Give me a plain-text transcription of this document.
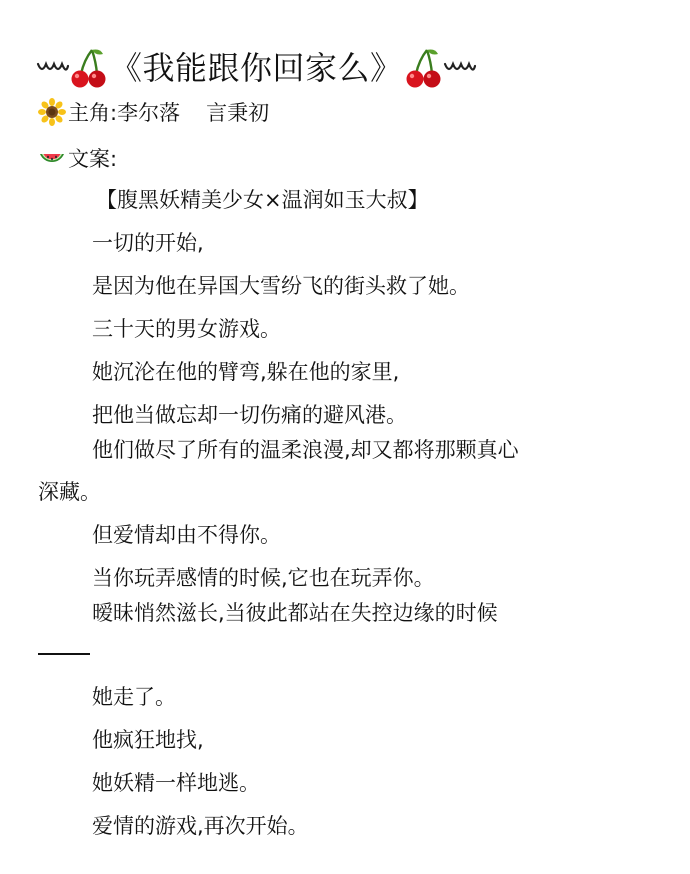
《我能跟你回家么》
主角: 李尔落 言秉初
文案:
【腹黑妖精美少女×温润如玉大叔】
一切的开始,
是因为他在异国大雪纷飞的街头救了她。
三十天的男女游戏。
她沉沦在他的臂弯,躲在他的家里,
把他当做忘却一切伤痛的避风港。
他们做尽了所有的温柔浪漫,却又都将那颗真心
深藏。
但爱情却由不得你。
当你玩弄感情的时候,它也在玩弄你。
暧昧悄然滋长,当彼此都站在失控边缘的时候
她走了。
他疯狂地找,
她妖精一样地逃。
爱情的游戏,再次开始。
